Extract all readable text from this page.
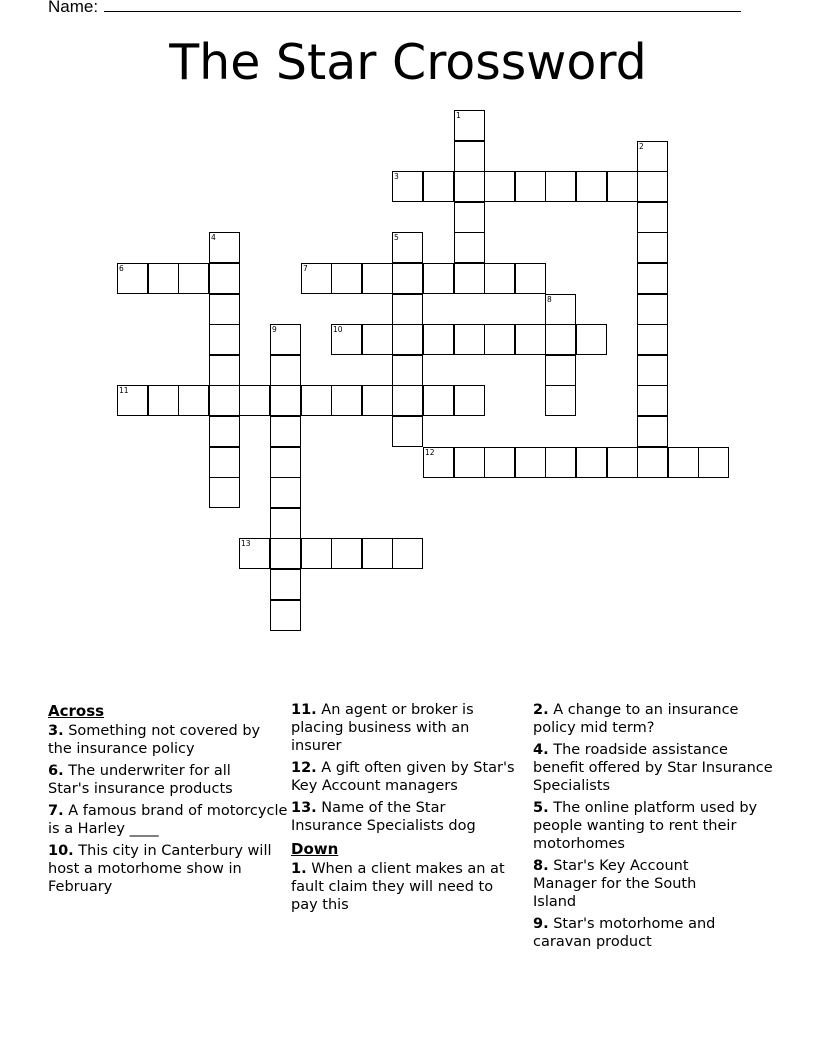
Name:
The Star Crossword
1
2
3
4	5
6	7
8
9	10
11
12
13
Across
3. Something not covered by the insurance policy
6. The underwriter for all Star's insurance products
7. A famous brand of motorcycle is a Harley ____
10. This city in Canterbury will host a motorhome show in February
11. An agent or broker is placing business with an insurer
12. A gift often given by Star's Key Account managers
13. Name of the Star Insurance Specialists dog
Down
1. When a client makes an at fault claim they will need to pay this
2. A change to an insurance policy mid term?
4. The roadside assistance benefit offered by Star Insurance Specialists
5. The online platform used by people wanting to rent their motorhomes
8. Star's Key Account Manager for the South Island
9. Star's motorhome and caravan product
